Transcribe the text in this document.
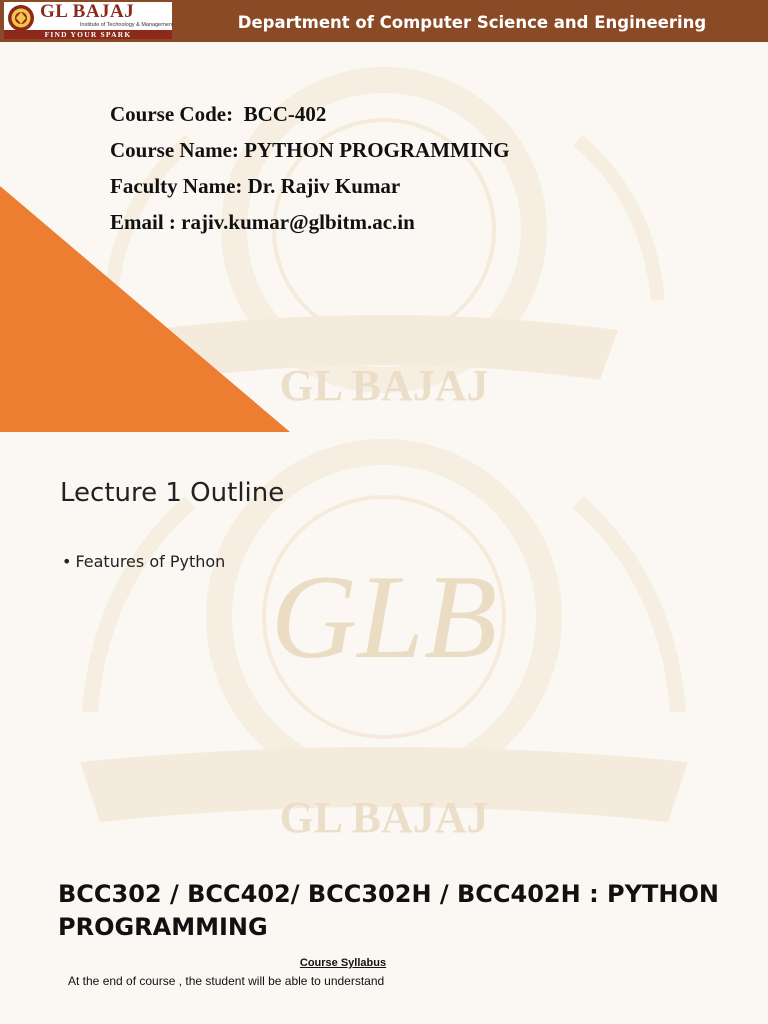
GL BAJAJ
GL BAJAJ
Institute of Technology & Management
FIND YOUR SPARK
Department of Computer Science and Engineering
Course Code:  BCC-402
Course Name: PYTHON PROGRAMMING
Faculty Name: Dr. Rajiv Kumar
Email : rajiv.kumar@glbitm.ac.in
GLB
GL BAJAJ
Lecture 1 Outline
• Features of Python
BCC302 / BCC402/ BCC302H / BCC402H : PYTHON PROGRAMMING
Course Syllabus
At the end of course , the student will be able to understand
